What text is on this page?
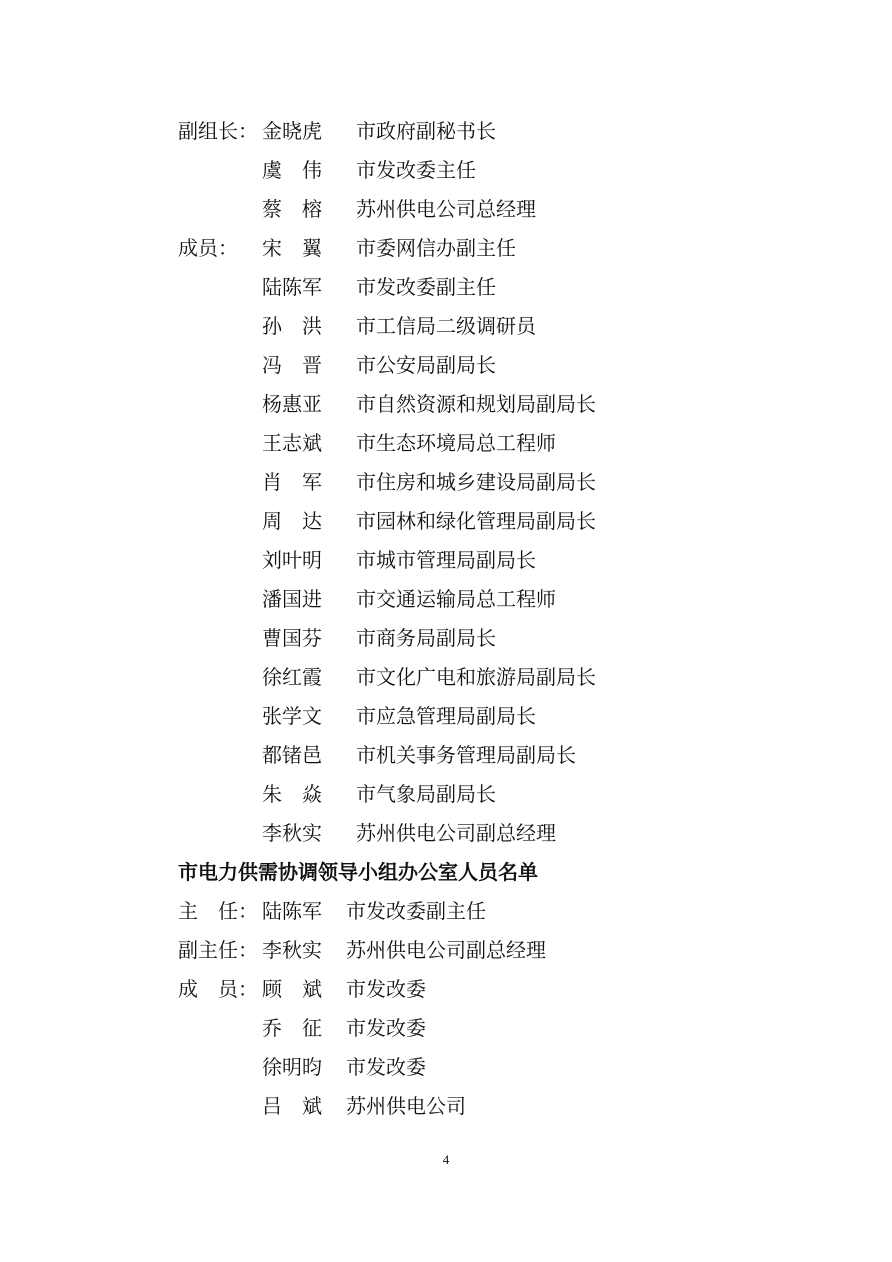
副组长： 金晓虎 市政府副秘书长
虞　伟 市发改委主任
蔡　榕 苏州供电公司总经理
成员： 宋　翼 市委网信办副主任
陆陈军 市发改委副主任
孙　洪 市工信局二级调研员
冯　晋 市公安局副局长
杨惠亚 市自然资源和规划局副局长
王志斌 市生态环境局总工程师
肖　军 市住房和城乡建设局副局长
周　达 市园林和绿化管理局副局长
刘叶明 市城市管理局副局长
潘国进 市交通运输局总工程师
曹国芬 市商务局副局长
徐红霞 市文化广电和旅游局副局长
张学文 市应急管理局副局长
都锗邑 市机关事务管理局副局长
朱　焱 市气象局副局长
李秋实 苏州供电公司副总经理
市电力供需协调领导小组办公室人员名单
主　任： 陆陈军 市发改委副主任
副主任： 李秋实 苏州供电公司副总经理
成　员： 顾　斌 市发改委
乔　征 市发改委
徐明昀 市发改委
吕　斌 苏州供电公司
4
